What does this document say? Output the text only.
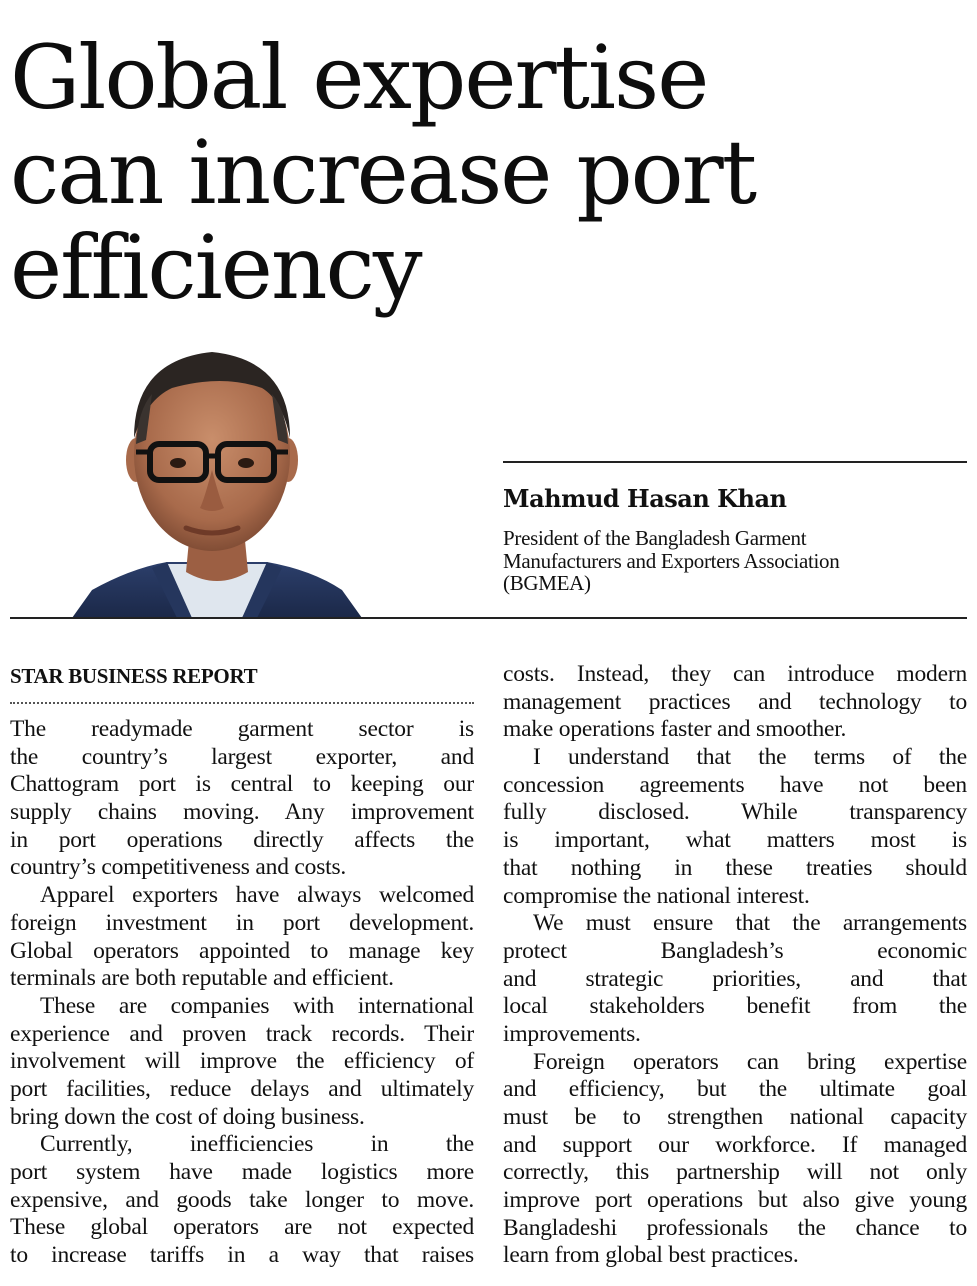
Global expertise
can increase port
efficiency
Mahmud Hasan Khan
President of the Bangladesh Garment
Manufacturers and Exporters Association
(BGMEA)
STAR BUSINESS REPORT
The readymade garment sector is
the country’s largest exporter, and
Chattogram port is central to keeping our
supply chains moving. Any improvement
in port operations directly affects the
country’s competitiveness and costs.
Apparel exporters have always welcomed
foreign investment in port development.
Global operators appointed to manage key
terminals are both reputable and efficient.
These are companies with international
experience and proven track records. Their
involvement will improve the efficiency of
port facilities, reduce delays and ultimately
bring down the cost of doing business.
Currently, inefficiencies in the
port system have made logistics more
expensive, and goods take longer to move.
These global operators are not expected
to increase tariffs in a way that raises
costs. Instead, they can introduce modern
management practices and technology to
make operations faster and smoother.
I understand that the terms of the
concession agreements have not been
fully disclosed. While transparency
is important, what matters most is
that nothing in these treaties should
compromise the national interest.
We must ensure that the arrangements
protect Bangladesh’s economic
and strategic priorities, and that
local stakeholders benefit from the
improvements.
Foreign operators can bring expertise
and efficiency, but the ultimate goal
must be to strengthen national capacity
and support our workforce. If managed
correctly, this partnership will not only
improve port operations but also give young
Bangladeshi professionals the chance to
learn from global best practices.
